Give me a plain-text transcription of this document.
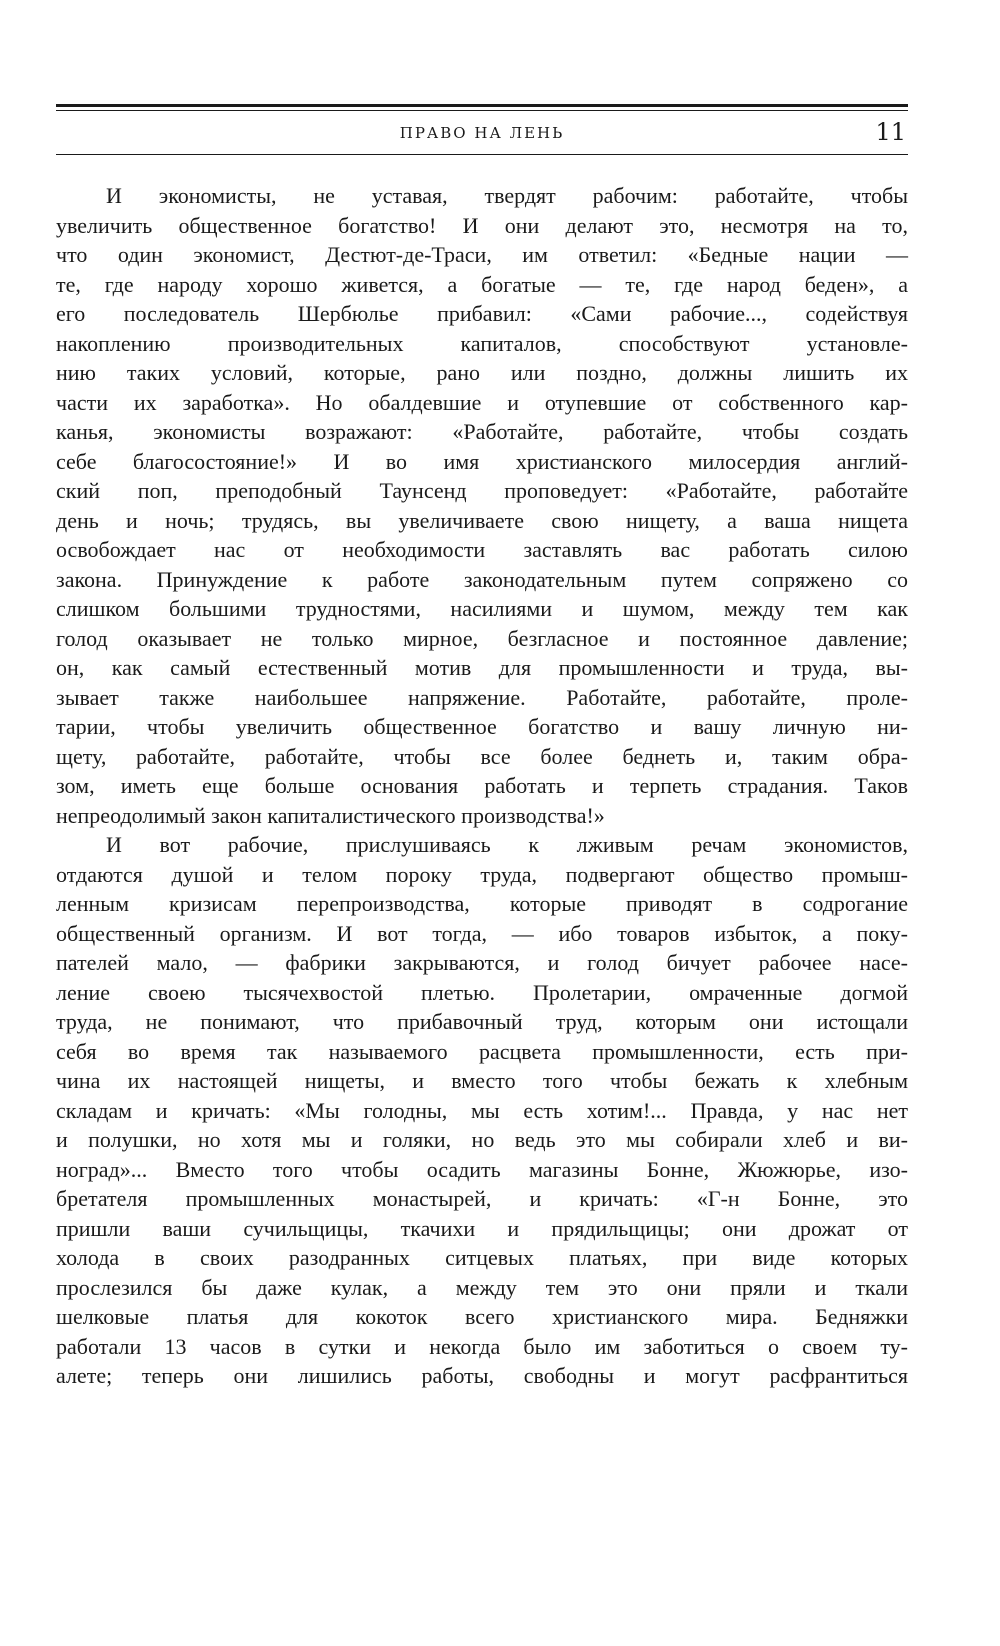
ПРАВО НА ЛЕНЬ	11
И экономисты, не уставая, твердят рабочим: работайте, чтобы
увеличить общественное богатство! И они делают это, несмотря на то,
что один экономист, Дестют-де-Траси, им ответил: «Бедные нации —
те, где народу хорошо живется, а богатые — те, где народ беден», а
его последователь Шербюлье прибавил: «Сами рабочие..., содействуя
накоплению производительных капиталов, способствуют установле-
нию таких условий, которые, рано или поздно, должны лишить их
части их заработка». Но обалдевшие и отупевшие от собственного кар-
канья, экономисты возражают: «Работайте, работайте, чтобы создать
себе благосостояние!» И во имя христианского милосердия англий-
ский поп, преподобный Таунсенд проповедует: «Работайте, работайте
день и ночь; трудясь, вы увеличиваете свою нищету, а ваша нищета
освобождает нас от необходимости заставлять вас работать силою
закона. Принуждение к работе законодательным путем сопряжено со
слишком большими трудностями, насилиями и шумом, между тем как
голод оказывает не только мирное, безгласное и постоянное давление;
он, как самый естественный мотив для промышленности и труда, вы-
зывает также наибольшее напряжение. Работайте, работайте, проле-
тарии, чтобы увеличить общественное богатство и вашу личную ни-
щету, работайте, работайте, чтобы все более беднеть и, таким обра-
зом, иметь еще больше основания работать и терпеть страдания. Таков
непреодолимый закон капиталистического производства!»
И вот рабочие, прислушиваясь к лживым речам экономистов,
отдаются душой и телом пороку труда, подвергают общество промыш-
ленным кризисам перепроизводства, которые приводят в содрогание
общественный организм. И вот тогда, — ибо товаров избыток, а поку-
пателей мало, — фабрики закрываются, и голод бичует рабочее насе-
ление своею тысячехвостой плетью. Пролетарии, омраченные догмой
труда, не понимают, что прибавочный труд, которым они истощали
себя во время так называемого расцвета промышленности, есть при-
чина их настоящей нищеты, и вместо того чтобы бежать к хлебным
складам и кричать: «Мы голодны, мы есть хотим!... Правда, у нас нет
и полушки, но хотя мы и голяки, но ведь это мы собирали хлеб и ви-
ноград»... Вместо того чтобы осадить магазины Бонне, Жюжюрье, изо-
бретателя промышленных монастырей, и кричать: «Г-н Бонне, это
пришли ваши сучильщицы, ткачихи и прядильщицы; они дрожат от
холода в своих разодранных ситцевых платьях, при виде которых
прослезился бы даже кулак, а между тем это они пряли и ткали
шелковые платья для кокоток всего христианского мира. Бедняжки
работали 13 часов в сутки и некогда было им заботиться о своем ту-
алете; теперь они лишились работы, свободны и могут расфрантиться
